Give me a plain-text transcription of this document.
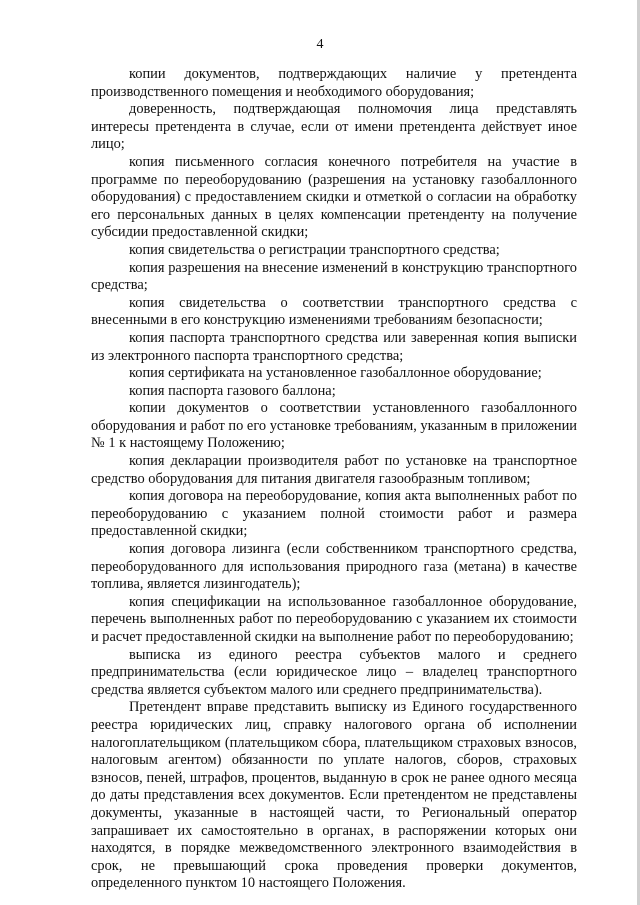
4

копии документов, подтверждающих наличие у претендента производственного помещения и необходимого оборудования;

доверенность, подтверждающая полномочия лица представлять интересы претендента в случае, если от имени претендента действует иное лицо;

копия письменного согласия конечного потребителя на участие в программе по переоборудованию (разрешения на установку газобаллонного оборудования) с предоставлением скидки и отметкой о согласии на обработку его персональных данных в целях компенсации претенденту на получение субсидии предоставленной скидки;

копия свидетельства о регистрации транспортного средства;

копия разрешения на внесение изменений в конструкцию транспортного средства;

копия свидетельства о соответствии транспортного средства с внесенными в его конструкцию изменениями требованиям безопасности;

копия паспорта транспортного средства или заверенная копия выписки из электронного паспорта транспортного средства;

копия сертификата на установленное газобаллонное оборудование;

копия паспорта газового баллона;

копии документов о соответствии установленного газобаллонного оборудования и работ по его установке требованиям, указанным в приложении № 1 к настоящему Положению;

копия декларации производителя работ по установке на транспортное средство оборудования для питания двигателя газообразным топливом;

копия договора на переоборудование, копия акта выполненных работ по переоборудованию с указанием полной стоимости работ и размера предоставленной скидки;

копия договора лизинга (если собственником транспортного средства, переоборудованного для использования природного газа (метана) в качестве топлива, является лизингодатель);

копия спецификации на использованное газобаллонное оборудование, перечень выполненных работ по переоборудованию с указанием их стоимости и расчет предоставленной скидки на выполнение работ по переоборудованию;

выписка из единого реестра субъектов малого и среднего предпринимательства (если юридическое лицо – владелец транспортного средства является субъектом малого или среднего предпринимательства).

Претендент вправе представить выписку из Единого государственного реестра юридических лиц, справку налогового органа об исполнении налогоплательщиком (плательщиком сбора, плательщиком страховых взносов, налоговым агентом) обязанности по уплате налогов, сборов, страховых взносов, пеней, штрафов, процентов, выданную в срок не ранее одного месяца до даты представления всех документов. Если претендентом не представлены документы, указанные в настоящей части, то Региональный оператор запрашивает их самостоятельно в органах, в распоряжении которых они находятся, в порядке межведомственного электронного взаимодействия в срок, не превышающий срока проведения проверки документов, определенного пунктом 10 настоящего Положения.
